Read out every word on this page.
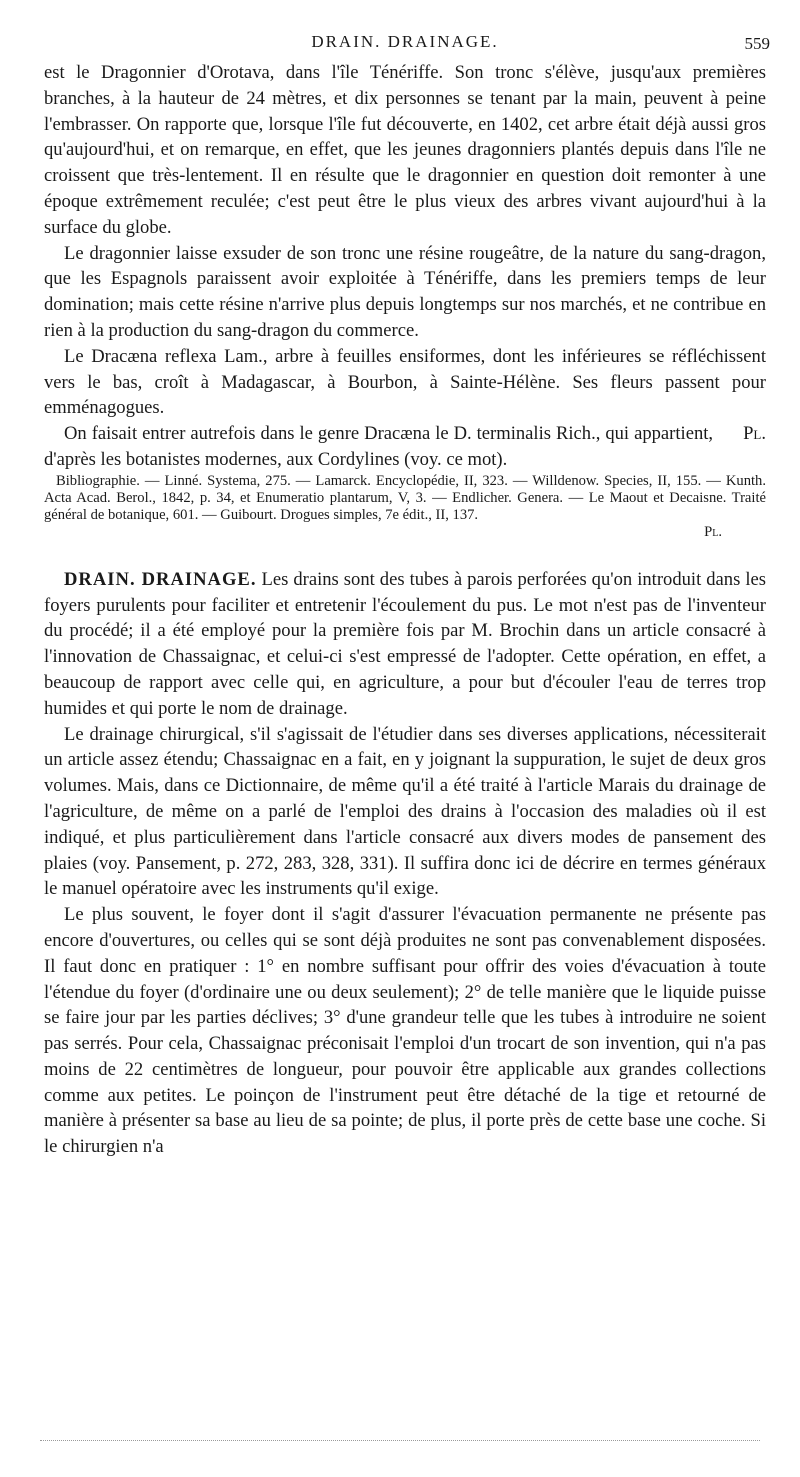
DRAIN. DRAINAGE.	559

est le Dragonnier d'Orotava, dans l'île Ténériffe. Son tronc s'élève, jusqu'aux premières branches, à la hauteur de 24 mètres, et dix personnes se tenant par la main, peuvent à peine l'embrasser. On rapporte que, lorsque l'île fut découverte, en 1402, cet arbre était déjà aussi gros qu'aujourd'hui, et on remarque, en effet, que les jeunes dragonniers plantés depuis dans l'île ne croissent que très-lentement. Il en résulte que le dragonnier en question doit remonter à une époque extrêmement reculée; c'est peut être le plus vieux des arbres vivant aujourd'hui à la surface du globe.

Le dragonnier laisse exsuder de son tronc une résine rougeâtre, de la nature du sang-dragon, que les Espagnols paraissent avoir exploitée à Ténériffe, dans les premiers temps de leur domination; mais cette résine n'arrive plus depuis longtemps sur nos marchés, et ne contribue en rien à la production du sang-dragon du commerce.

Le Dracæna reflexa Lam., arbre à feuilles ensiformes, dont les inférieures se réfléchissent vers le bas, croît à Madagascar, à Bourbon, à Sainte-Hélène. Ses fleurs passent pour emménagogues.

Pl.
On faisait entrer autrefois dans le genre Dracæna le D. terminalis Rich., qui appartient, d'après les botanistes modernes, aux Cordylines (voy. ce mot).

Bibliographie. — Linné. Systema, 275. — Lamarck. Encyclopédie, II, 323. — Willdenow. Species, II, 155. — Kunth. Acta Acad. Berol., 1842, p. 34, et Enumeratio plantarum, V, 3. — Endlicher. Genera. — Le Maout et Decaisne. Traité général de botanique, 601. — Guibourt. Drogues simples, 7e édit., II, 137.

Pl.

DRAIN. DRAINAGE. Les drains sont des tubes à parois perforées qu'on introduit dans les foyers purulents pour faciliter et entretenir l'écoulement du pus. Le mot n'est pas de l'inventeur du procédé; il a été employé pour la première fois par M. Brochin dans un article consacré à l'innovation de Chassaignac, et celui-ci s'est empressé de l'adopter. Cette opération, en effet, a beaucoup de rapport avec celle qui, en agriculture, a pour but d'écouler l'eau de terres trop humides et qui porte le nom de drainage.

Le drainage chirurgical, s'il s'agissait de l'étudier dans ses diverses applications, nécessiterait un article assez étendu; Chassaignac en a fait, en y joignant la suppuration, le sujet de deux gros volumes. Mais, dans ce Dictionnaire, de même qu'il a été traité à l'article Marais du drainage de l'agriculture, de même on a parlé de l'emploi des drains à l'occasion des maladies où il est indiqué, et plus particulièrement dans l'article consacré aux divers modes de pansement des plaies (voy. Pansement, p. 272, 283, 328, 331). Il suffira donc ici de décrire en termes généraux le manuel opératoire avec les instruments qu'il exige.

Le plus souvent, le foyer dont il s'agit d'assurer l'évacuation permanente ne présente pas encore d'ouvertures, ou celles qui se sont déjà produites ne sont pas convenablement disposées. Il faut donc en pratiquer : 1° en nombre suffisant pour offrir des voies d'évacuation à toute l'étendue du foyer (d'ordinaire une ou deux seulement); 2° de telle manière que le liquide puisse se faire jour par les parties déclives; 3° d'une grandeur telle que les tubes à introduire ne soient pas serrés. Pour cela, Chassaignac préconisait l'emploi d'un trocart de son invention, qui n'a pas moins de 22 centimètres de longueur, pour pouvoir être applicable aux grandes collections comme aux petites. Le poinçon de l'instrument peut être détaché de la tige et retourné de manière à présenter sa base au lieu de sa pointe; de plus, il porte près de cette base une coche. Si le chirurgien n'a
